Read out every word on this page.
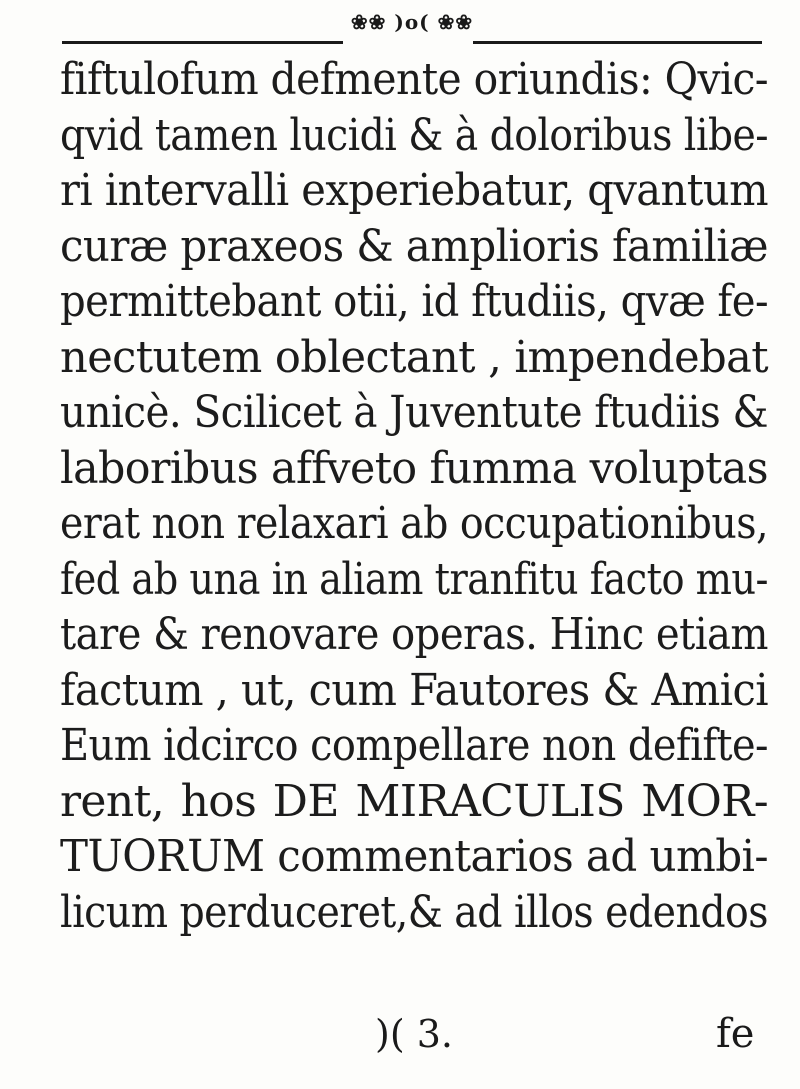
❀❀ )o( ❀❀
fiftulofum defmente oriundis: Qvic-
qvid tamen lucidi & à doloribus libe-
ri intervalli experiebatur, qvantum
curæ praxeos & amplioris familiæ
permittebant otii, id ftudiis, qvæ fe-
nectutem oblectant , impendebat
unicè. Scilicet à Juventute ftudiis &
laboribus affveto fumma voluptas
erat non relaxari ab occupationibus,
fed ab una in aliam tranfitu facto mu-
tare & renovare operas. Hinc etiam
factum , ut, cum Fautores & Amici
Eum idcirco compellare non defifte-
rent, hos DE MIRACULIS MOR-
TUORUM commentarios ad umbi-
licum perduceret,& ad illos edendos
)( 3.	fe
